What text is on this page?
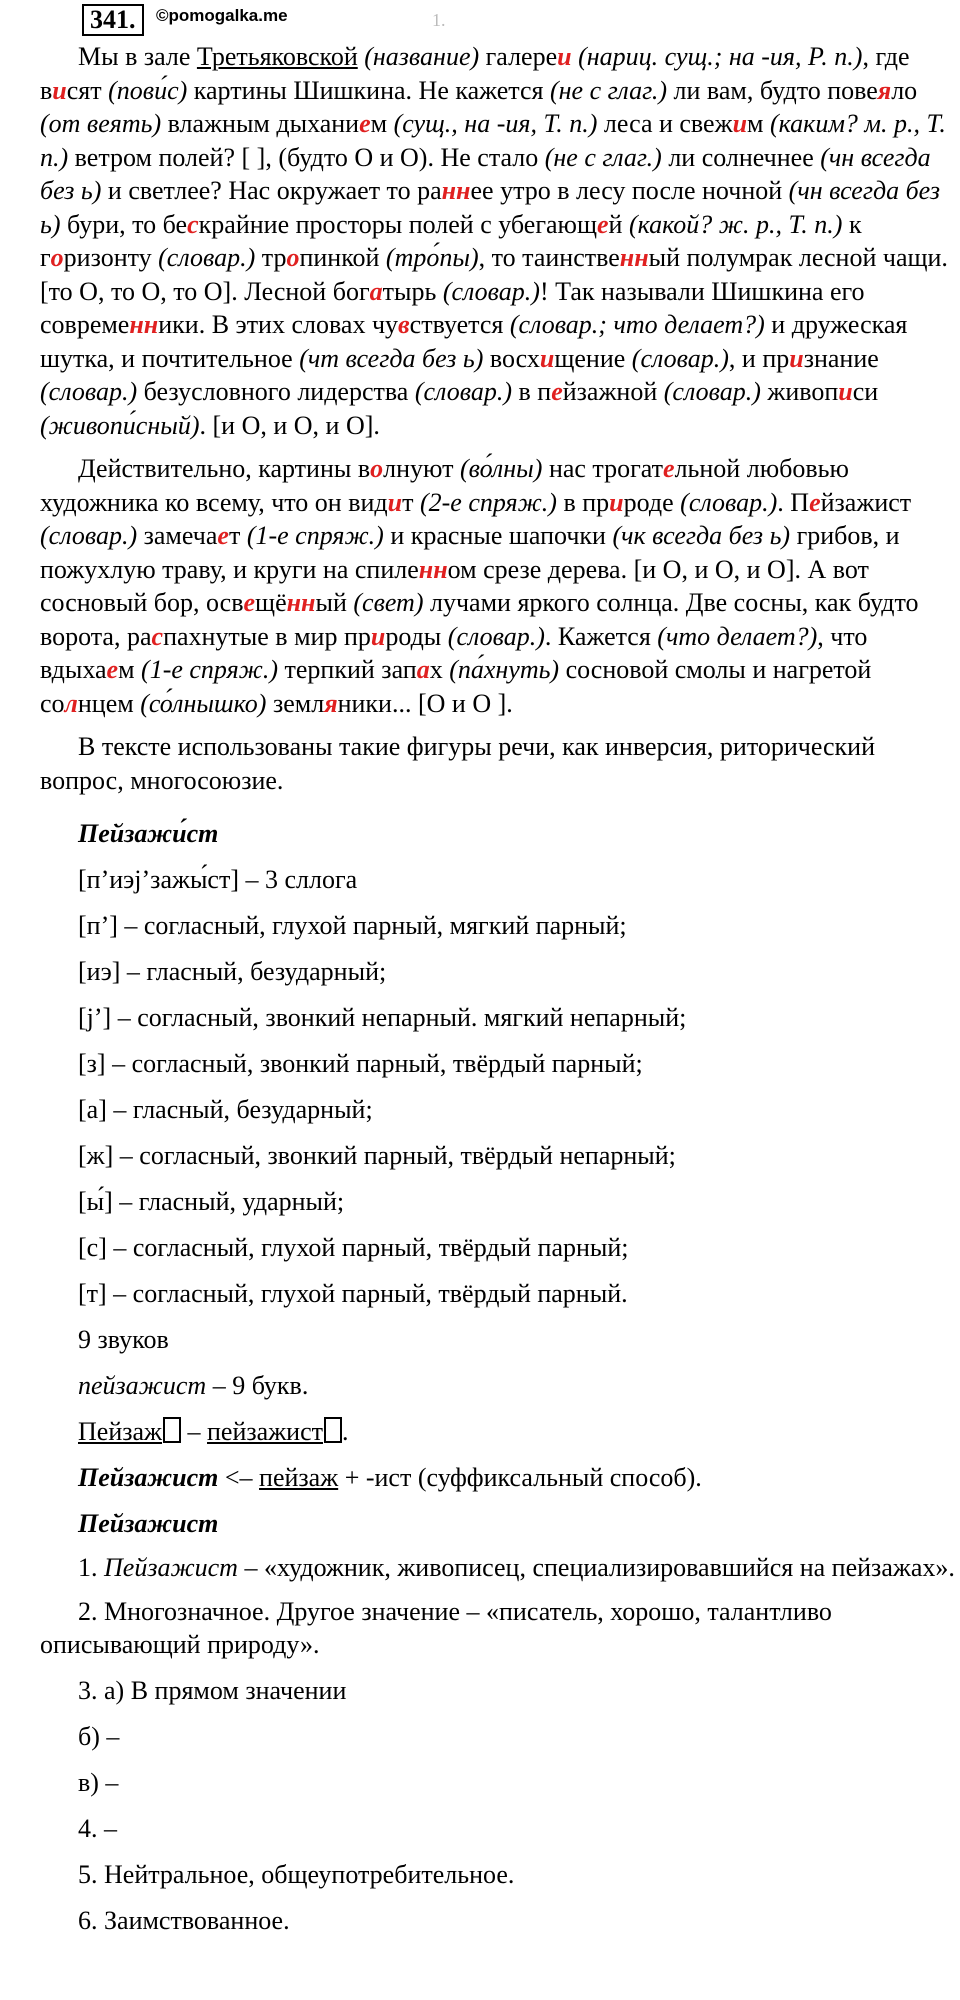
341.	©pomogalka.me	1.

Мы в зале Третьяковской (название) галереи (нариц. сущ.; на -ия, Р. п.), где висят (пови́с) картины Шишкина. Не кажется (не с глаг.) ли вам, будто повеяло (от веять) влажным дыханием (сущ., на -ия, Т. п.) леса и свежим (каким? м. р., Т. п.) ветром полей? [ ], (будто О и О). Не стало (не с глаг.) ли солнечнее (чн всегда без ь) и светлее? Нас окружает то раннее утро в лесу после ночной (чн всегда без ь) бури, то бескрайние просторы полей с убегающей (какой? ж. р., Т. п.) к горизонту (словар.) тропинкой (тро́пы), то таинственный полумрак лесной чащи. [то О, то О, то О]. Лесной богатырь (словар.)! Так называли Шишкина его современники. В этих словах чувствуется (словар.; что делает?) и дружеская шутка, и почтительное (чт всегда без ь) восхищение (словар.), и признание (словар.) безусловного лидерства (словар.) в пейзажной (словар.) живописи (живопи́сный). [и О, и О, и О].

Действительно, картины волнуют (во́лны) нас трогательной любовью художника ко всему, что он видит (2-е спряж.) в природе (словар.). Пейзажист (словар.) замечает (1-е спряж.) и красные шапочки (чк всегда без ь) грибов, и пожухлую траву, и круги на спиленном срезе дерева. [и О, и О, и О]. А вот сосновый бор, освещённый (свет) лучами яркого солнца. Две сосны, как будто ворота, распахнутые в мир природы (словар.). Кажется (что делает?), что вдыхаем (1-е спряж.) терпкий запах (па́хнуть) сосновой смолы и нагретой солнцем (со́лнышко) земляники... [О и О ].

В тексте использованы такие фигуры речи, как инверсия, риторический вопрос, многосоюзие.

Пейзажи́ст
[п’иэj’зажы́ст] – 3 сллога
[п’] – согласный, глухой парный, мягкий парный;
[иэ] – гласный, безударный;
[j’] – согласный, звонкий непарный. мягкий непарный;
[з] – согласный, звонкий парный, твёрдый парный;
[а] – гласный, безударный;
[ж] – согласный, звонкий парный, твёрдый непарный;
[ы́] – гласный, ударный;
[с] – согласный, глухой парный, твёрдый парный;
[т] – согласный, глухой парный, твёрдый парный.
9 звуков
пейзажист – 9 букв.
Пейзаж – пейзажист .
Пейзажист <– пейзаж + -ист (суффиксальный способ).
Пейзажист

1. Пейзажист – «художник, живописец, специализировавшийся на пейзажах».

2. Многозначное. Другое значение – «писатель, хорошо, талантливо описывающий природу».

3. а) В прямом значении
б) –
в) –
4. –
5. Нейтральное, общеупотребительное.
6. Заимствованное.
